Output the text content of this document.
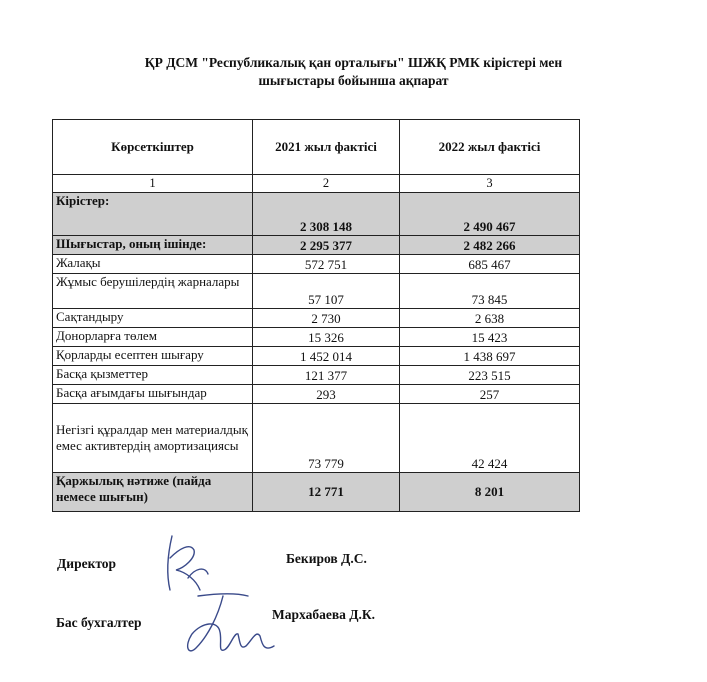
ҚР ДСМ "Республикалық қан орталығы" ШЖҚ РМК кірістері мен
шығыстары бойынша ақпарат
Көрсеткіштер	2021 жыл фактісі	2022 жыл фактісі
1	2	3
Кірістер:	2 308 148	2 490 467
Шығыстар, оның ішінде:	2 295 377	2 482 266
Жалақы	572 751	685 467
Жұмыс берушілердің жарналары	57 107	73 845
Сақтандыру	2 730	2 638
Донорларға төлем	15 326	15 423
Қорларды есептен шығару	1 452 014	1 438 697
Басқа қызметтер	121 377	223 515
Басқа ағымдағы шығындар	293	257
Негізгі құралдар мен материалдық емес активтердің амортизациясы	73 779	42 424
Қаржылық нәтиже (пайда немесе шығын)	12 771	8 201
Директор	Бекиров Д.С.
Бас бухгалтер
Мархабаева Д.К.
